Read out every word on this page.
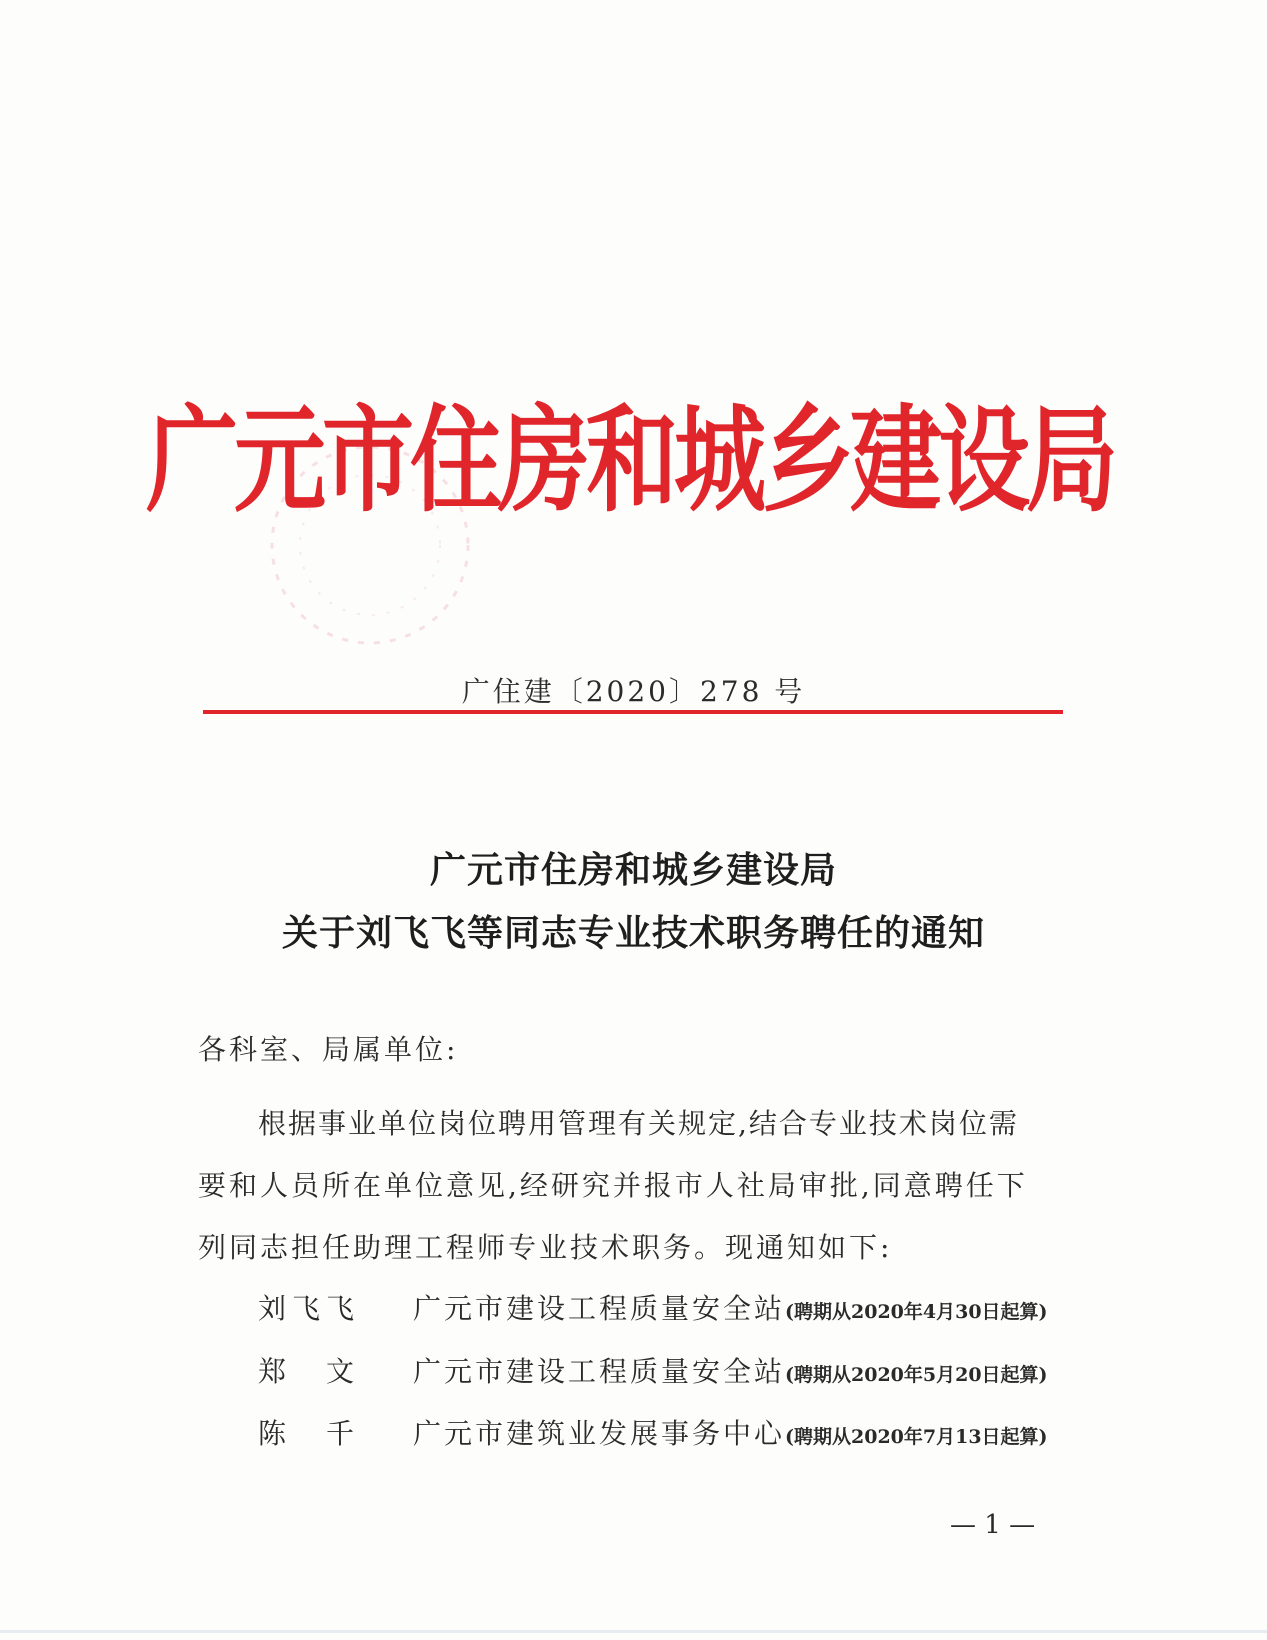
广元市住房和城乡建设局
广住建〔2020〕278 号
广元市住房和城乡建设局
关于刘飞飞等同志专业技术职务聘任的通知
各科室、局属单位:
根据事业单位岗位聘用管理有关规定,结合专业技术岗位需
要和人员所在单位意见,经研究并报市人社局审批,同意聘任下
列同志担任助理工程师专业技术职务。现通知如下:
刘飞飞	广元市建设工程质量安全站 (聘期从2020年4月30日起算)
郑　文	广元市建设工程质量安全站 (聘期从2020年5月20日起算)
陈　千	广元市建筑业发展事务中心 (聘期从2020年7月13日起算)
— 1 —
